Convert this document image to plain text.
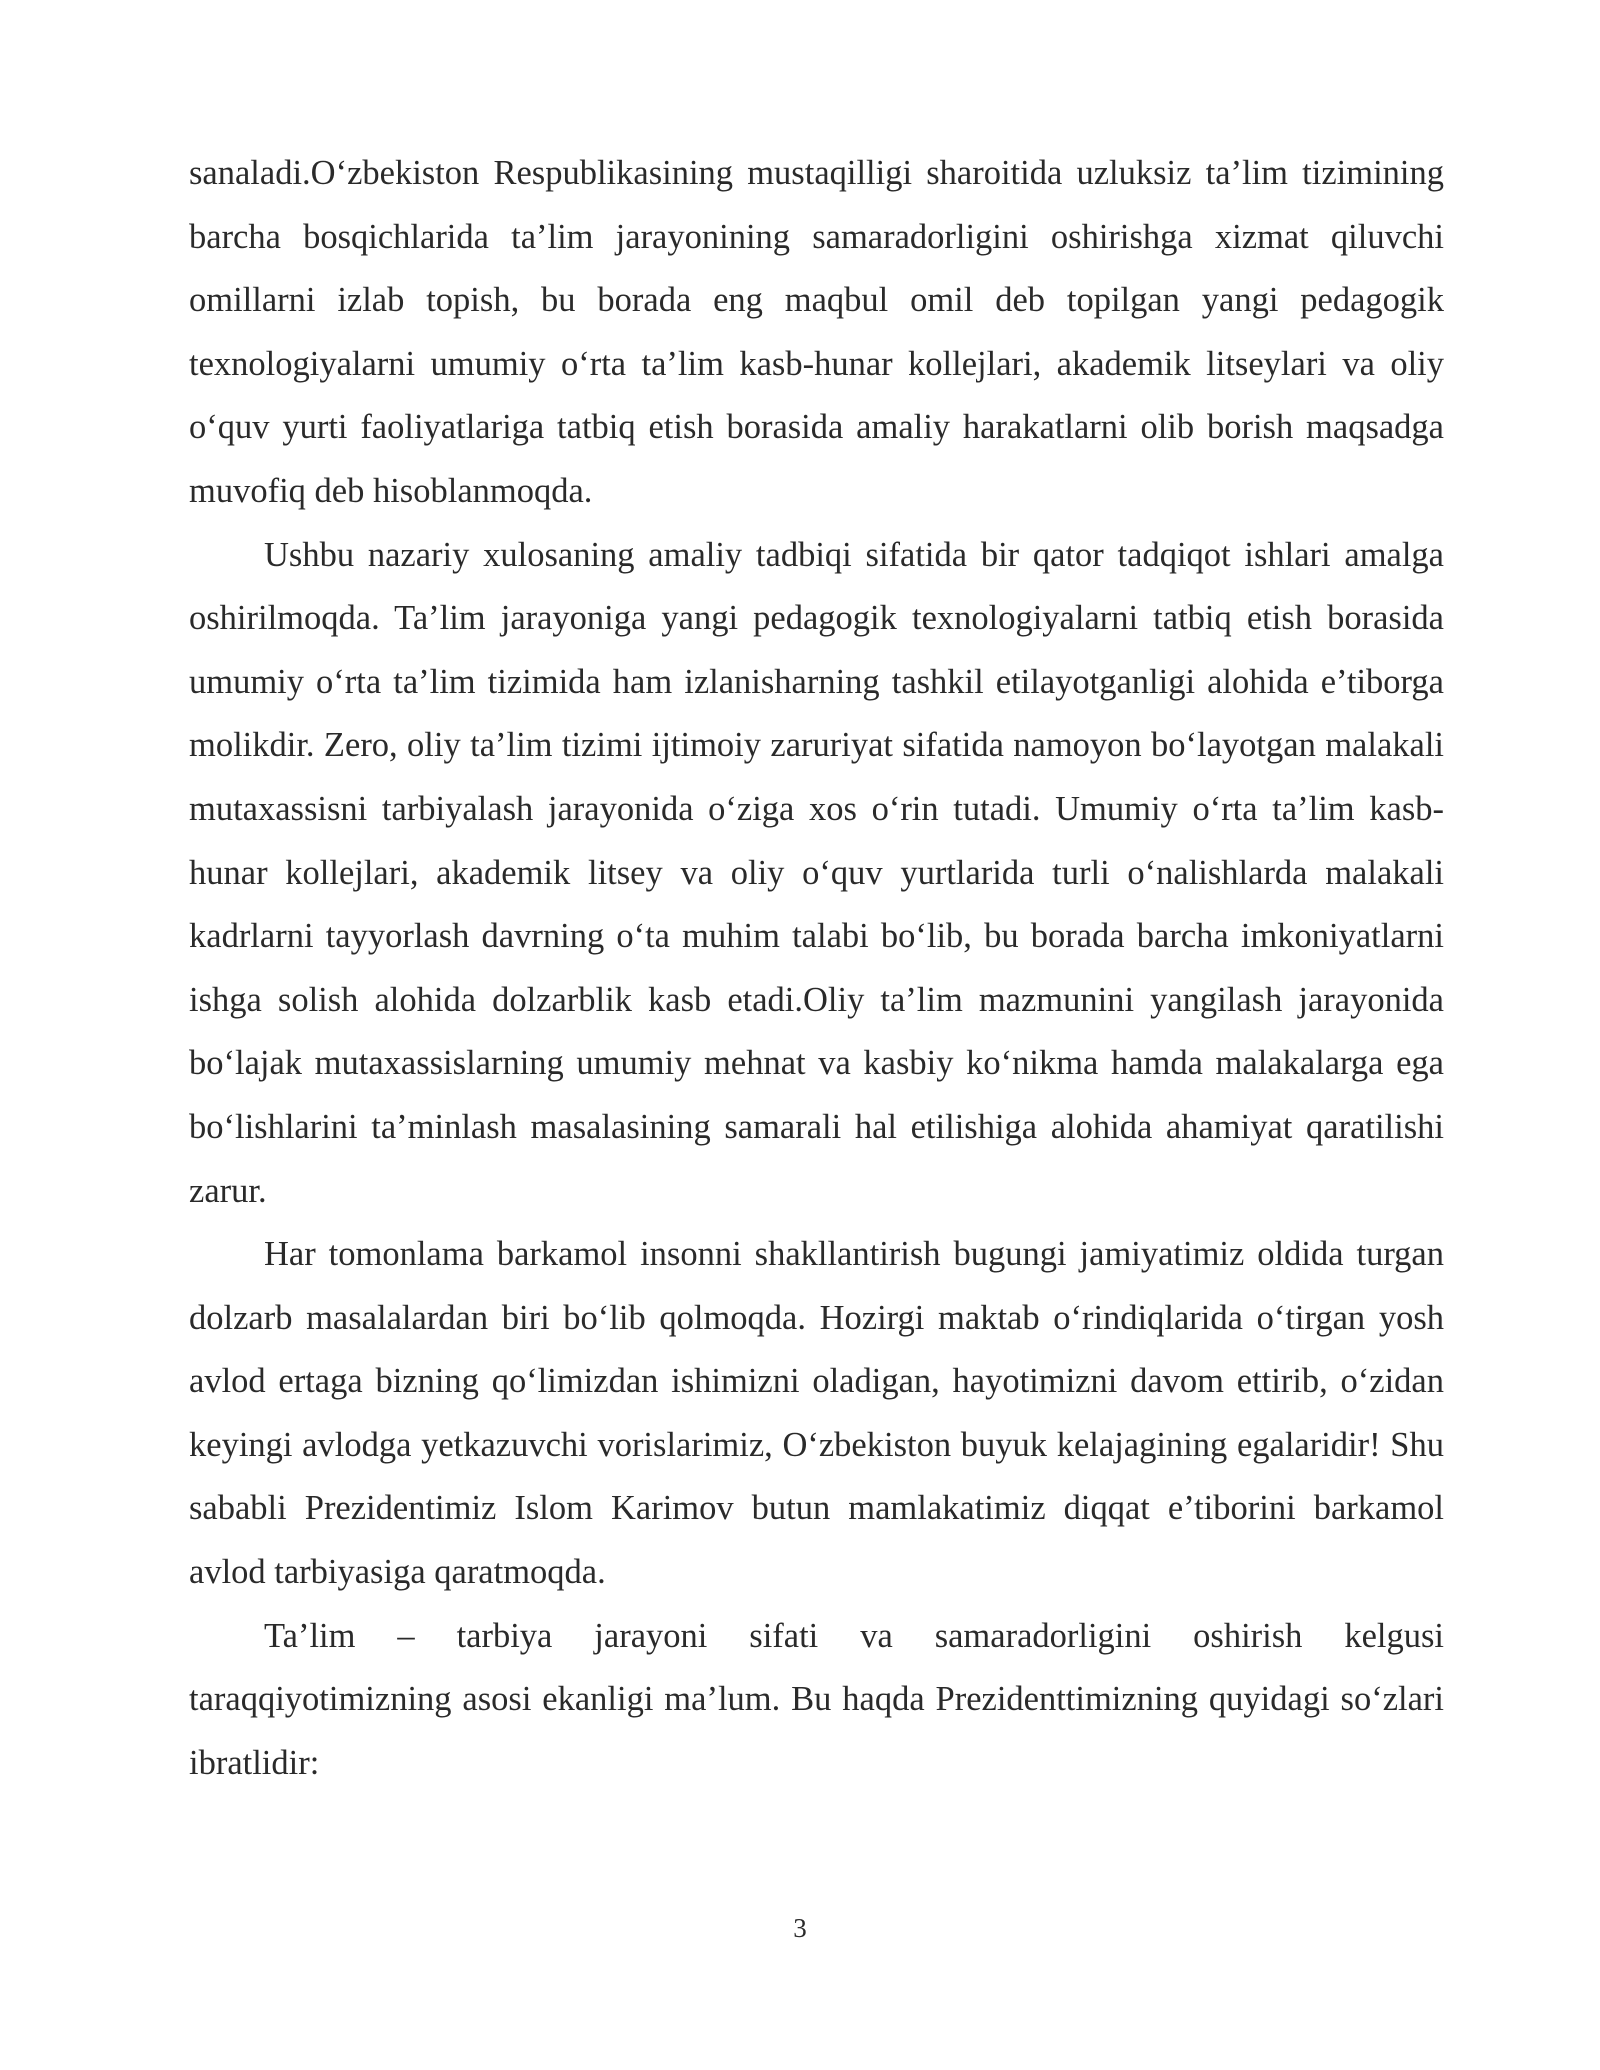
sanaladi.O‘zbekiston Respublikasining mustaqilligi sharoitida uzluksiz ta’lim tizimining barcha bosqichlarida ta’lim jarayonining samaradorligini oshirishga xizmat qiluvchi omillarni izlab topish, bu borada eng maqbul omil deb topilgan yangi pedagogik texnologiyalarni umumiy o‘rta ta’lim kasb-hunar kollejlari, akademik litseylari va oliy o‘quv yurti faoliyatlariga tatbiq etish borasida amaliy harakatlarni olib borish maqsadga muvofiq deb hisoblanmoqda.

Ushbu nazariy xulosaning amaliy tadbiqi sifatida bir qator tadqiqot ishlari amalga oshirilmoqda. Ta’lim jarayoniga yangi pedagogik texnologiyalarni tatbiq etish borasida umumiy o‘rta ta’lim tizimida ham izlanisharning tashkil etilayotganligi alohida e’tiborga molikdir. Zero, oliy ta’lim tizimi ijtimoiy zaruriyat sifatida namoyon bo‘layotgan malakali mutaxassisni tarbiyalash jarayonida o‘ziga xos o‘rin tutadi. Umumiy o‘rta ta’lim kasb-hunar kollejlari, akademik litsey va oliy o‘quv yurtlarida turli o‘nalishlarda malakali kadrlarni tayyorlash davrning o‘ta muhim talabi bo‘lib, bu borada barcha imkoniyatlarni ishga solish alohida dolzarblik kasb etadi.Oliy ta’lim mazmunini yangilash jarayonida bo‘lajak mutaxassislarning umumiy mehnat va kasbiy ko‘nikma hamda malakalarga ega bo‘lishlarini ta’minlash masalasining samarali hal etilishiga alohida ahamiyat qaratilishi zarur.

Har tomonlama barkamol insonni shakllantirish bugungi jamiyatimiz oldida turgan dolzarb masalalardan biri bo‘lib qolmoqda. Hozirgi maktab o‘rindiqlarida o‘tirgan yosh avlod ertaga bizning qo‘limizdan ishimizni oladigan, hayotimizni davom ettirib, o‘zidan keyingi avlodga yetkazuvchi vorislarimiz, O‘zbekiston buyuk kelajagining egalaridir! Shu sababli Prezidentimiz Islom Karimov butun mamlakatimiz diqqat e’tiborini barkamol avlod tarbiyasiga qaratmoqda.

Ta’lim – tarbiya jarayoni sifati va samaradorligini oshirish kelgusi taraqqiyotimizning asosi ekanligi ma’lum. Bu haqda Prezidenttimizning quyidagi so‘zlari ibratlidir:

3
